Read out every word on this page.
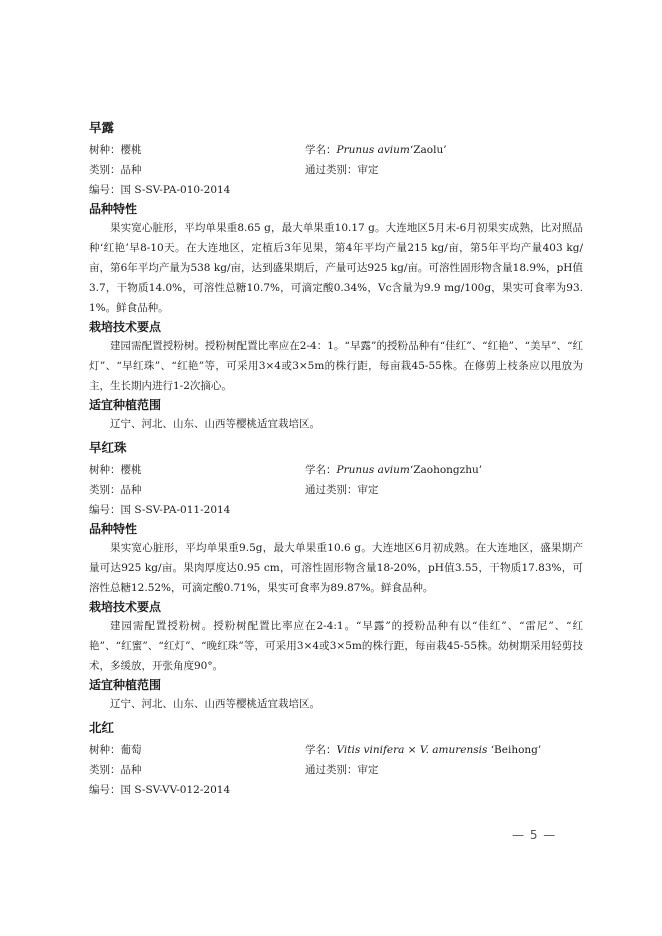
早露
树种：樱桃	学名：Prunus avium‘Zaolu’
类别：品种	通过类别：审定
编号：国 S-SV-PA-010-2014
品种特性

果实宽心脏形，平均单果重8.65 g，最大单果重10.17 g。大连地区5月末-6月初果实成熟，比对照品种‘红艳’早8-10天。在大连地区，定植后3年见果，第4年平均产量215 kg/亩，第5年平均产量403 kg/亩，第6年平均产量为538 kg/亩，达到盛果期后，产量可达925 kg/亩。可溶性固形物含量18.9%，pH值3.7，干物质14.0%，可溶性总糖10.7%，可滴定酸0.34%，Vc含量为9.9 mg/100g，果实可食率为93.1%。鲜食品种。

栽培技术要点

建园需配置授粉树。授粉树配置比率应在2-4：1。“早露”的授粉品种有“佳红”、“红艳”、“美早”、“红灯”、“早红珠”、“红艳”等，可采用3×4或3×5m的株行距，每亩栽45-55株。在修剪上枝条应以甩放为主，生长期内进行1-2次摘心。

适宜种植范围

辽宁、河北、山东、山西等樱桃适宜栽培区。

早红珠
树种：樱桃	学名：Prunus avium‘Zaohongzhu’
类别：品种	通过类别：审定
编号：国 S-SV-PA-011-2014
品种特性

果实宽心脏形，平均单果重9.5g，最大单果重10.6 g。大连地区6月初成熟。在大连地区，盛果期产量可达925 kg/亩。果肉厚度达0.95 cm，可溶性固形物含量18-20%，pH值3.55，干物质17.83%，可溶性总糖12.52%，可滴定酸0.71%，果实可食率为89.87%。鲜食品种。

栽培技术要点

建园需配置授粉树。授粉树配置比率应在2-4:1。“早露”的授粉品种有以“佳红”、“雷尼”、“红艳”、“红蜜”、“红灯”、“晚红珠”等，可采用3×4或3×5m的株行距，每亩栽45-55株。幼树期采用轻剪技术，多缓放，开张角度90°。

适宜种植范围

辽宁、河北、山东、山西等樱桃适宜栽培区。

北红
树种：葡萄	学名：Vitis vinifera × V. amurensis ‘Beihong’
类别：品种	通过类别：审定
编号：国 S-SV-VV-012-2014
— 5 —
